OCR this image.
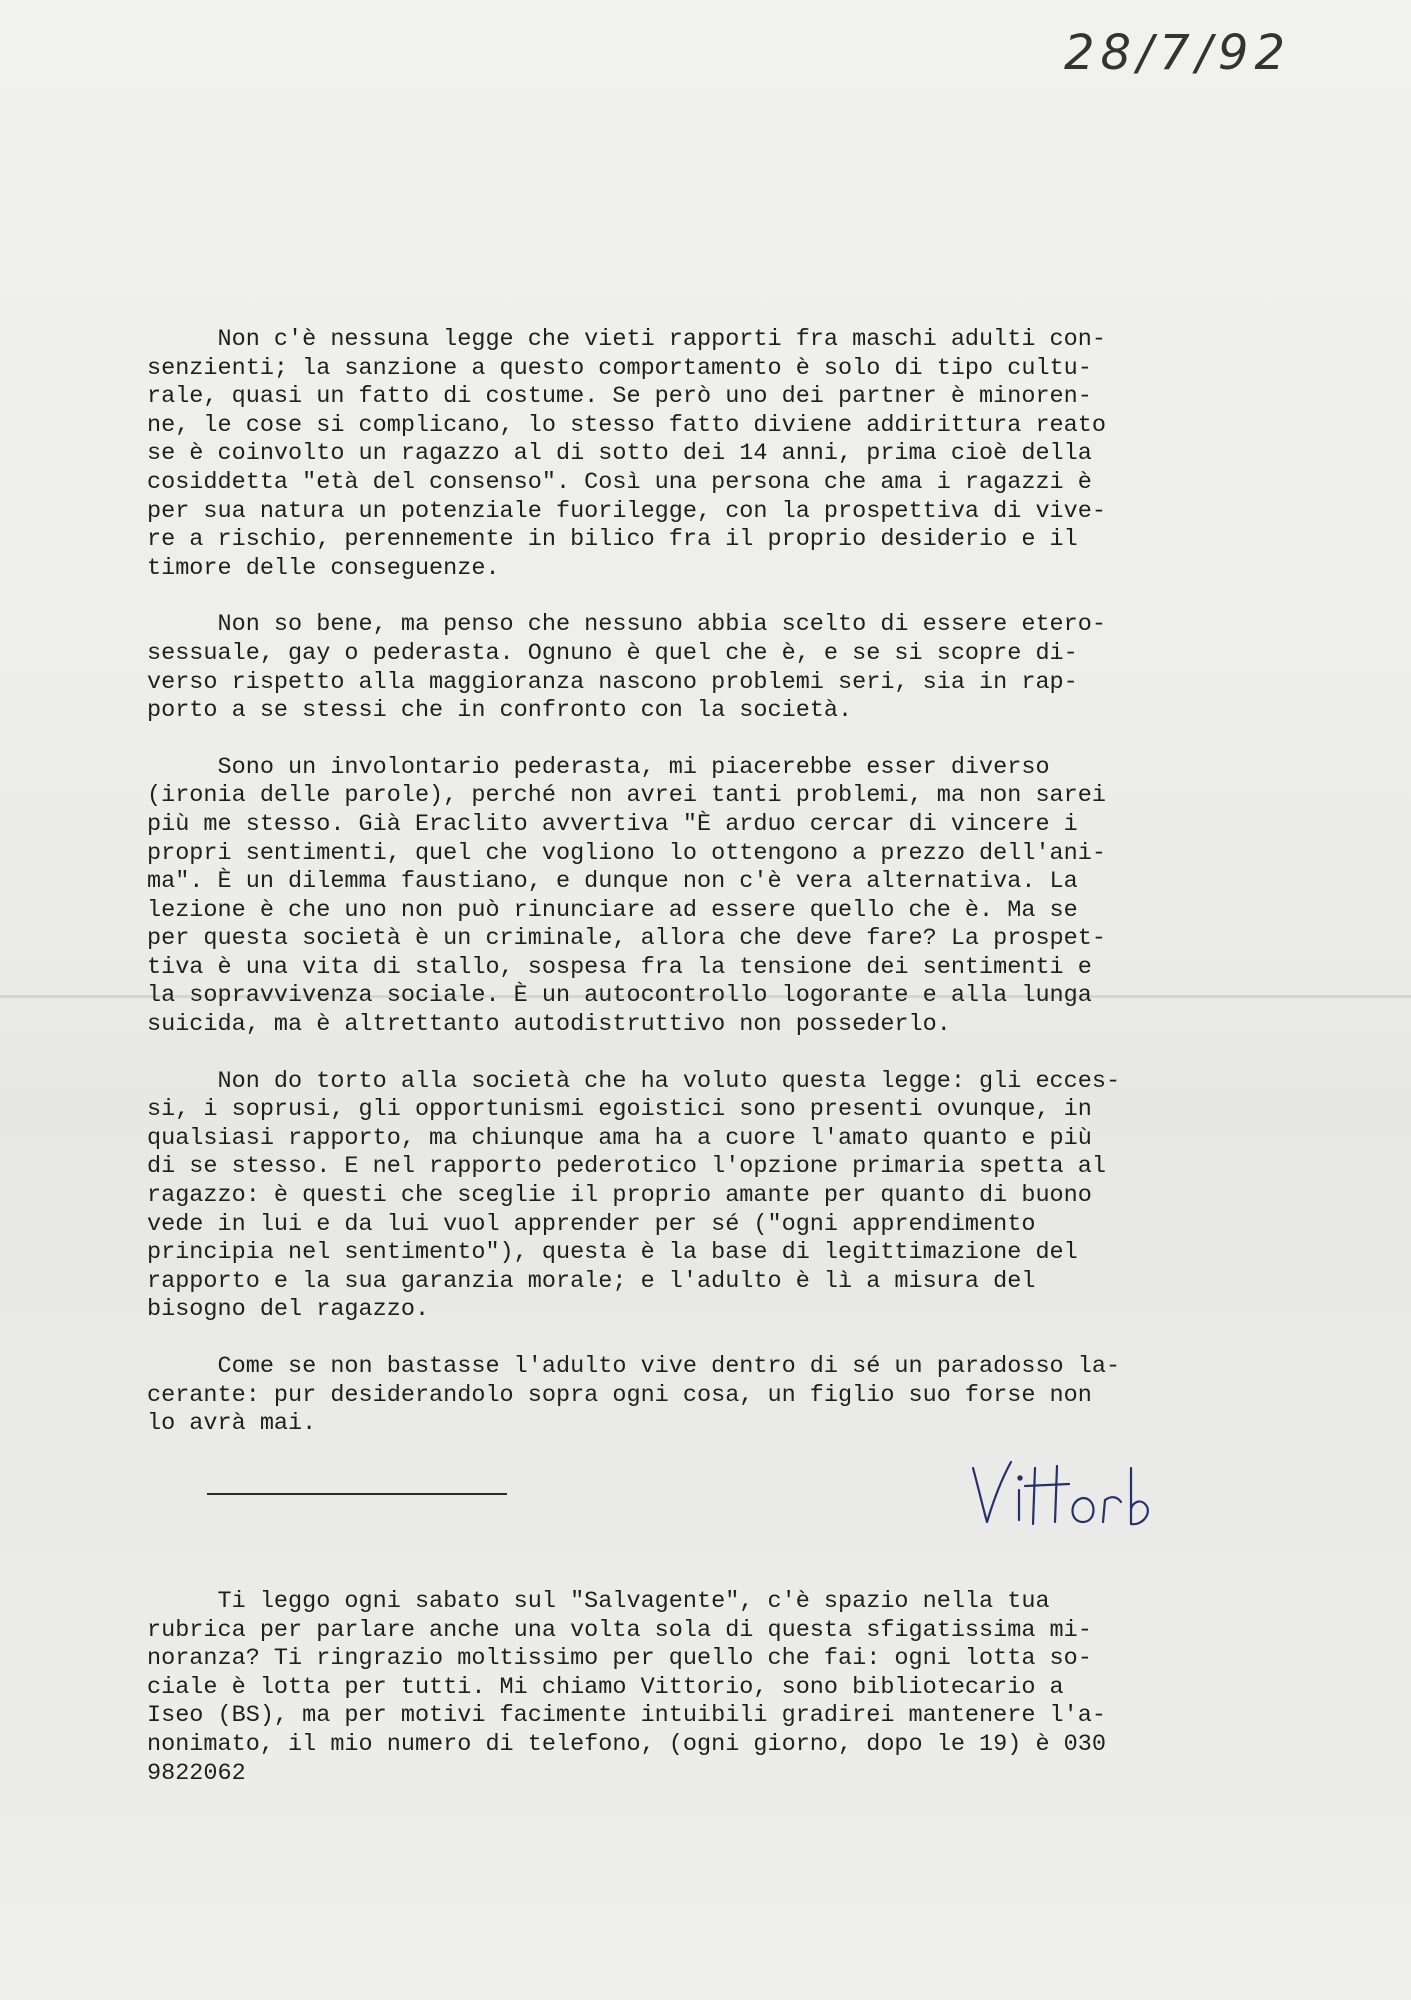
28/7/92
Non c'è nessuna legge che vieti rapporti fra maschi adulti con-
senzienti; la sanzione a questo comportamento è solo di tipo cultu-
rale, quasi un fatto di costume. Se però uno dei partner è minoren-
ne, le cose si complicano, lo stesso fatto diviene addirittura reato
se è coinvolto un ragazzo al di sotto dei 14 anni, prima cioè della
cosiddetta "età del consenso". Così una persona che ama i ragazzi è
per sua natura un potenziale fuorilegge, con la prospettiva di vive-
re a rischio, perennemente in bilico fra il proprio desiderio e il
timore delle conseguenze.
Non so bene, ma penso che nessuno abbia scelto di essere etero-
sessuale, gay o pederasta. Ognuno è quel che è, e se si scopre di-
verso rispetto alla maggioranza nascono problemi seri, sia in rap-
porto a se stessi che in confronto con la società.
Sono un involontario pederasta, mi piacerebbe esser diverso
(ironia delle parole), perché non avrei tanti problemi, ma non sarei
più me stesso. Già Eraclito avvertiva "È arduo cercar di vincere i
propri sentimenti, quel che vogliono lo ottengono a prezzo dell'ani-
ma". È un dilemma faustiano, e dunque non c'è vera alternativa. La
lezione è che uno non può rinunciare ad essere quello che è. Ma se
per questa società è un criminale, allora che deve fare? La prospet-
tiva è una vita di stallo, sospesa fra la tensione dei sentimenti e
la sopravvivenza sociale. È un autocontrollo logorante e alla lunga
suicida, ma è altrettanto autodistruttivo non possederlo.
Non do torto alla società che ha voluto questa legge: gli ecces-
si, i soprusi, gli opportunismi egoistici sono presenti ovunque, in
qualsiasi rapporto, ma chiunque ama ha a cuore l'amato quanto e più
di se stesso. E nel rapporto pederotico l'opzione primaria spetta al
ragazzo: è questi che sceglie il proprio amante per quanto di buono
vede in lui e da lui vuol apprender per sé ("ogni apprendimento
principia nel sentimento"), questa è la base di legittimazione del
rapporto e la sua garanzia morale; e l'adulto è lì a misura del
bisogno del ragazzo.
Come se non bastasse l'adulto vive dentro di sé un paradosso la-
cerante: pur desiderandolo sopra ogni cosa, un figlio suo forse non
lo avrà mai.
Ti leggo ogni sabato sul "Salvagente", c'è spazio nella tua
rubrica per parlare anche una volta sola di questa sfigatissima mi-
noranza? Ti ringrazio moltissimo per quello che fai: ogni lotta so-
ciale è lotta per tutti. Mi chiamo Vittorio, sono bibliotecario a
Iseo (BS), ma per motivi facimente intuibili gradirei mantenere l'a-
nonimato, il mio numero di telefono, (ogni giorno, dopo le 19) è 030
9822062
